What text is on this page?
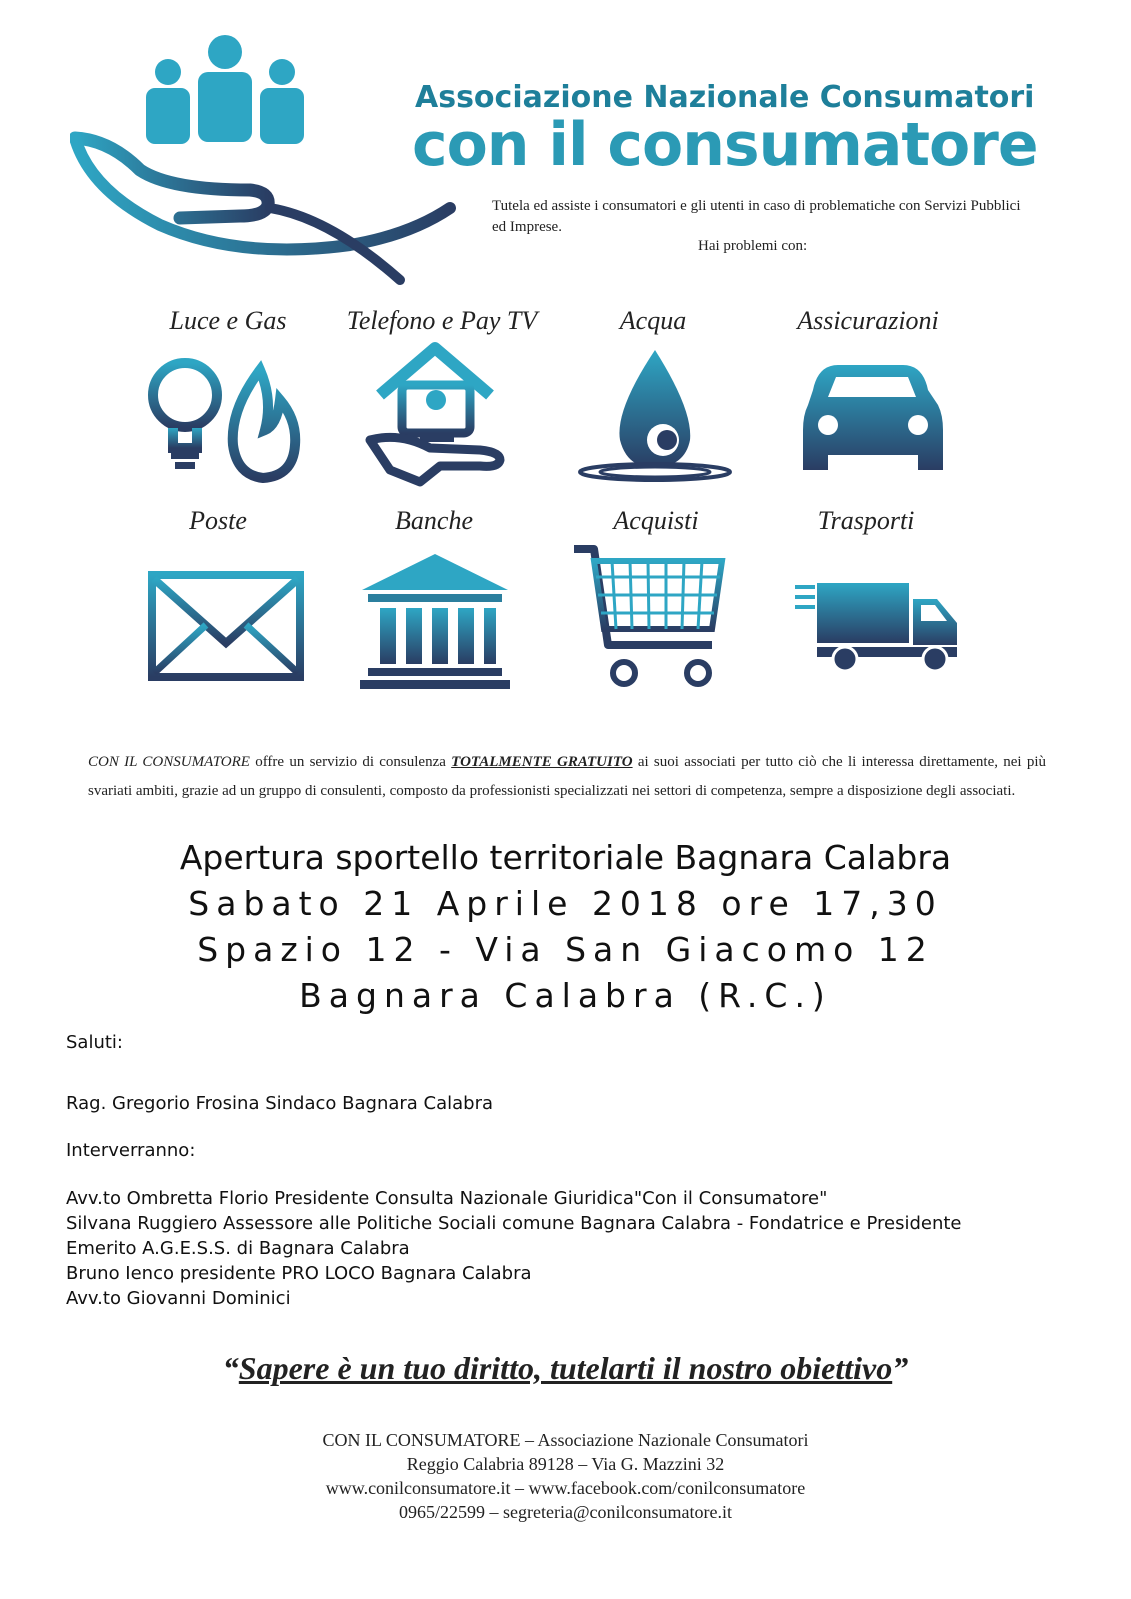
Associazione Nazionale Consumatori
con il consumatore
Tutela ed assiste i consumatori e gli utenti in caso di problematiche con Servizi Pubblici ed Imprese.
Hai problemi con:
Luce e Gas	Telefono e Pay TV	Acqua	Assicurazioni
Poste	Banche	Acquisti	Trasporti
CON IL CONSUMATORE offre un servizio di consulenza TOTALMENTE GRATUITO ai suoi associati per tutto ciò che li interessa direttamente, nei più svariati ambiti, grazie ad un gruppo di consulenti, composto da professionisti specializzati nei settori di competenza, sempre a disposizione degli associati.
Apertura sportello territoriale Bagnara Calabra
Sabato 21 Aprile 2018 ore 17,30
Spazio 12 - Via San Giacomo 12
Bagnara Calabra (R.C.)
Saluti:
Rag. Gregorio Frosina Sindaco Bagnara Calabra
Interverranno:
Avv.to Ombretta Florio Presidente Consulta Nazionale Giuridica"Con il Consumatore"
Silvana Ruggiero Assessore alle Politiche Sociali comune Bagnara Calabra - Fondatrice e Presidente
Emerito A.G.E.S.S. di Bagnara Calabra
Bruno Ienco presidente PRO LOCO Bagnara Calabra
Avv.to Giovanni Dominici
“Sapere è un tuo diritto, tutelarti il nostro obiettivo”
CON IL CONSUMATORE – Associazione Nazionale Consumatori
Reggio Calabria 89128 – Via G. Mazzini 32
www.conilconsumatore.it – www.facebook.com/conilconsumatore
0965/22599 – segreteria@conilconsumatore.it
